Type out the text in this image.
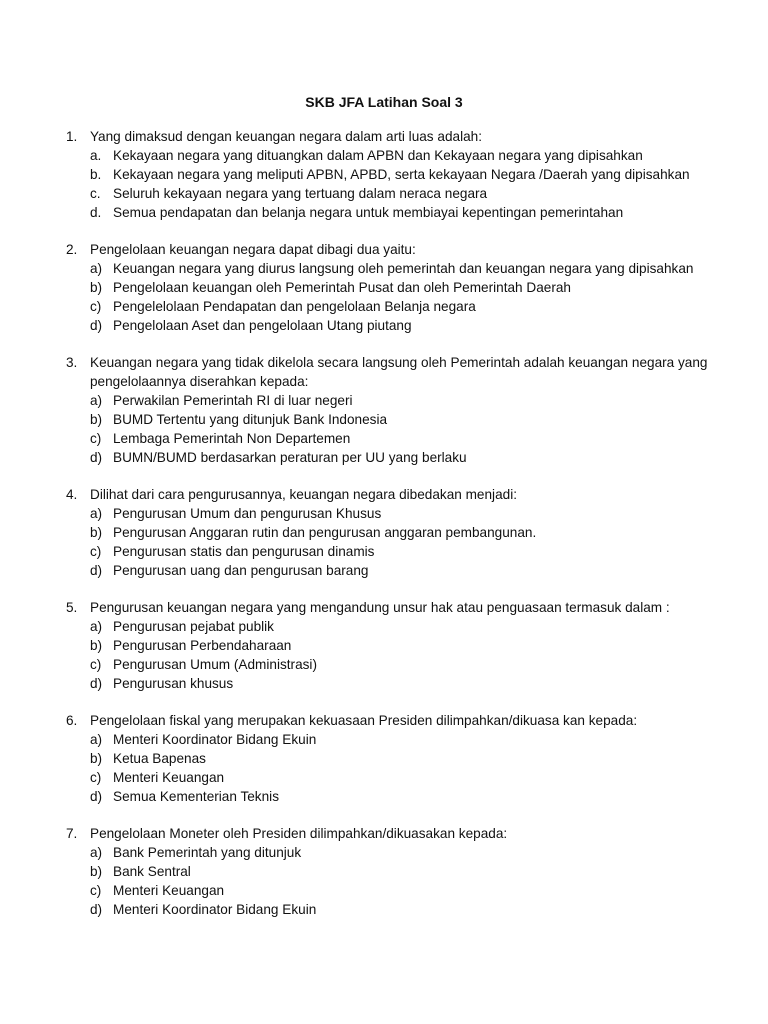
SKB JFA Latihan Soal 3
1. Yang dimaksud dengan keuangan negara dalam arti luas adalah:
a. Kekayaan negara yang dituangkan dalam APBN dan Kekayaan negara yang dipisahkan
b. Kekayaan negara yang meliputi APBN, APBD, serta kekayaan Negara /Daerah yang dipisahkan
c. Seluruh kekayaan negara yang tertuang dalam neraca negara
d. Semua pendapatan dan belanja negara untuk membiayai kepentingan pemerintahan
2. Pengelolaan keuangan negara dapat dibagi dua yaitu:
a) Keuangan negara yang diurus langsung oleh pemerintah dan keuangan negara yang dipisahkan
b) Pengelolaan keuangan oleh Pemerintah Pusat dan oleh Pemerintah Daerah
c) Pengelelolaan Pendapatan dan pengelolaan Belanja negara
d) Pengelolaan Aset dan pengelolaan Utang piutang
3. Keuangan negara yang tidak dikelola secara langsung oleh Pemerintah adalah keuangan negara yang pengelolaannya diserahkan kepada:
a) Perwakilan Pemerintah RI di luar negeri
b) BUMD Tertentu yang ditunjuk Bank Indonesia
c) Lembaga Pemerintah Non Departemen
d) BUMN/BUMD berdasarkan peraturan per UU yang berlaku
4. Dilihat dari cara pengurusannya, keuangan negara dibedakan menjadi:
a) Pengurusan Umum dan pengurusan Khusus
b) Pengurusan Anggaran rutin dan pengurusan anggaran pembangunan.
c) Pengurusan statis dan pengurusan dinamis
d) Pengurusan uang dan pengurusan barang
5. Pengurusan keuangan negara yang mengandung unsur hak atau penguasaan termasuk dalam :
a) Pengurusan pejabat publik
b) Pengurusan Perbendaharaan
c) Pengurusan Umum (Administrasi)
d) Pengurusan khusus
6. Pengelolaan fiskal yang merupakan kekuasaan Presiden dilimpahkan/dikuasa kan kepada:
a) Menteri Koordinator Bidang Ekuin
b) Ketua Bapenas
c) Menteri Keuangan
d) Semua Kementerian Teknis
7. Pengelolaan Moneter oleh Presiden dilimpahkan/dikuasakan kepada:
a) Bank Pemerintah yang ditunjuk
b) Bank Sentral
c) Menteri Keuangan
d) Menteri Koordinator Bidang Ekuin
